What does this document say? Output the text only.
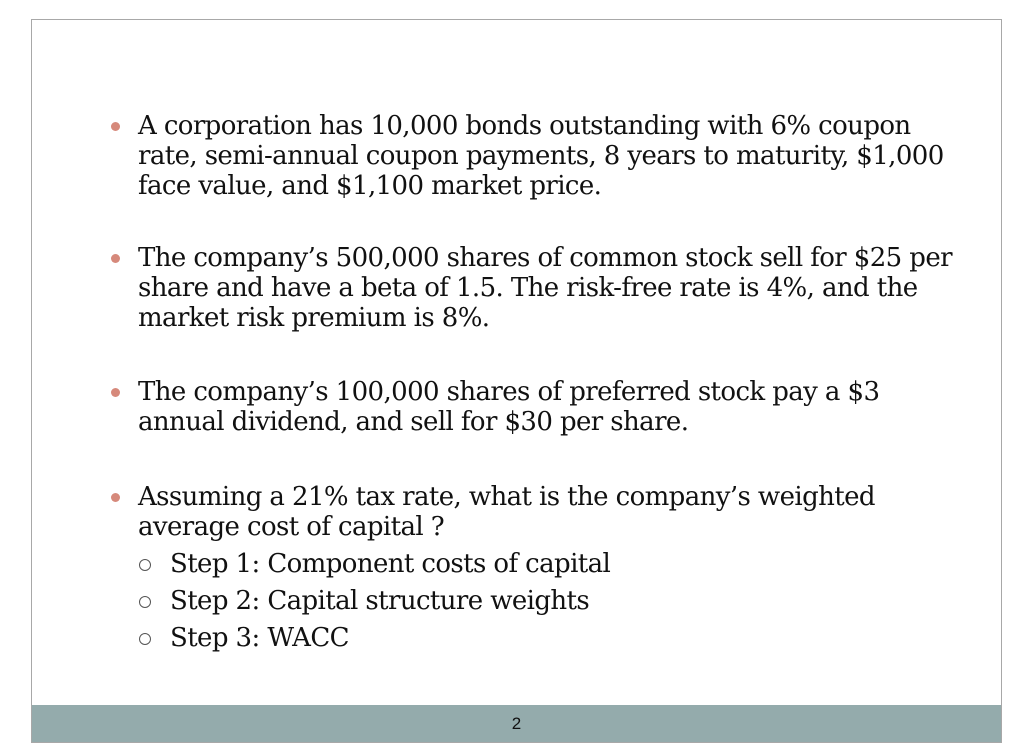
A corporation has 10,000 bonds outstanding with 6% coupon rate, semi-annual coupon payments, 8 years to maturity, $1,000 face value, and $1,100 market price.
The company’s 500,000 shares of common stock sell for $25 per share and have a beta of 1.5. The risk-free rate is 4%, and the market risk premium is 8%.
The company’s 100,000 shares of preferred stock pay a $3 annual dividend, and sell for $30 per share.
Assuming a 21% tax rate, what is the company’s weighted average cost of capital ?
Step 1: Component costs of capital
Step 2: Capital structure weights
Step 3: WACC
2
